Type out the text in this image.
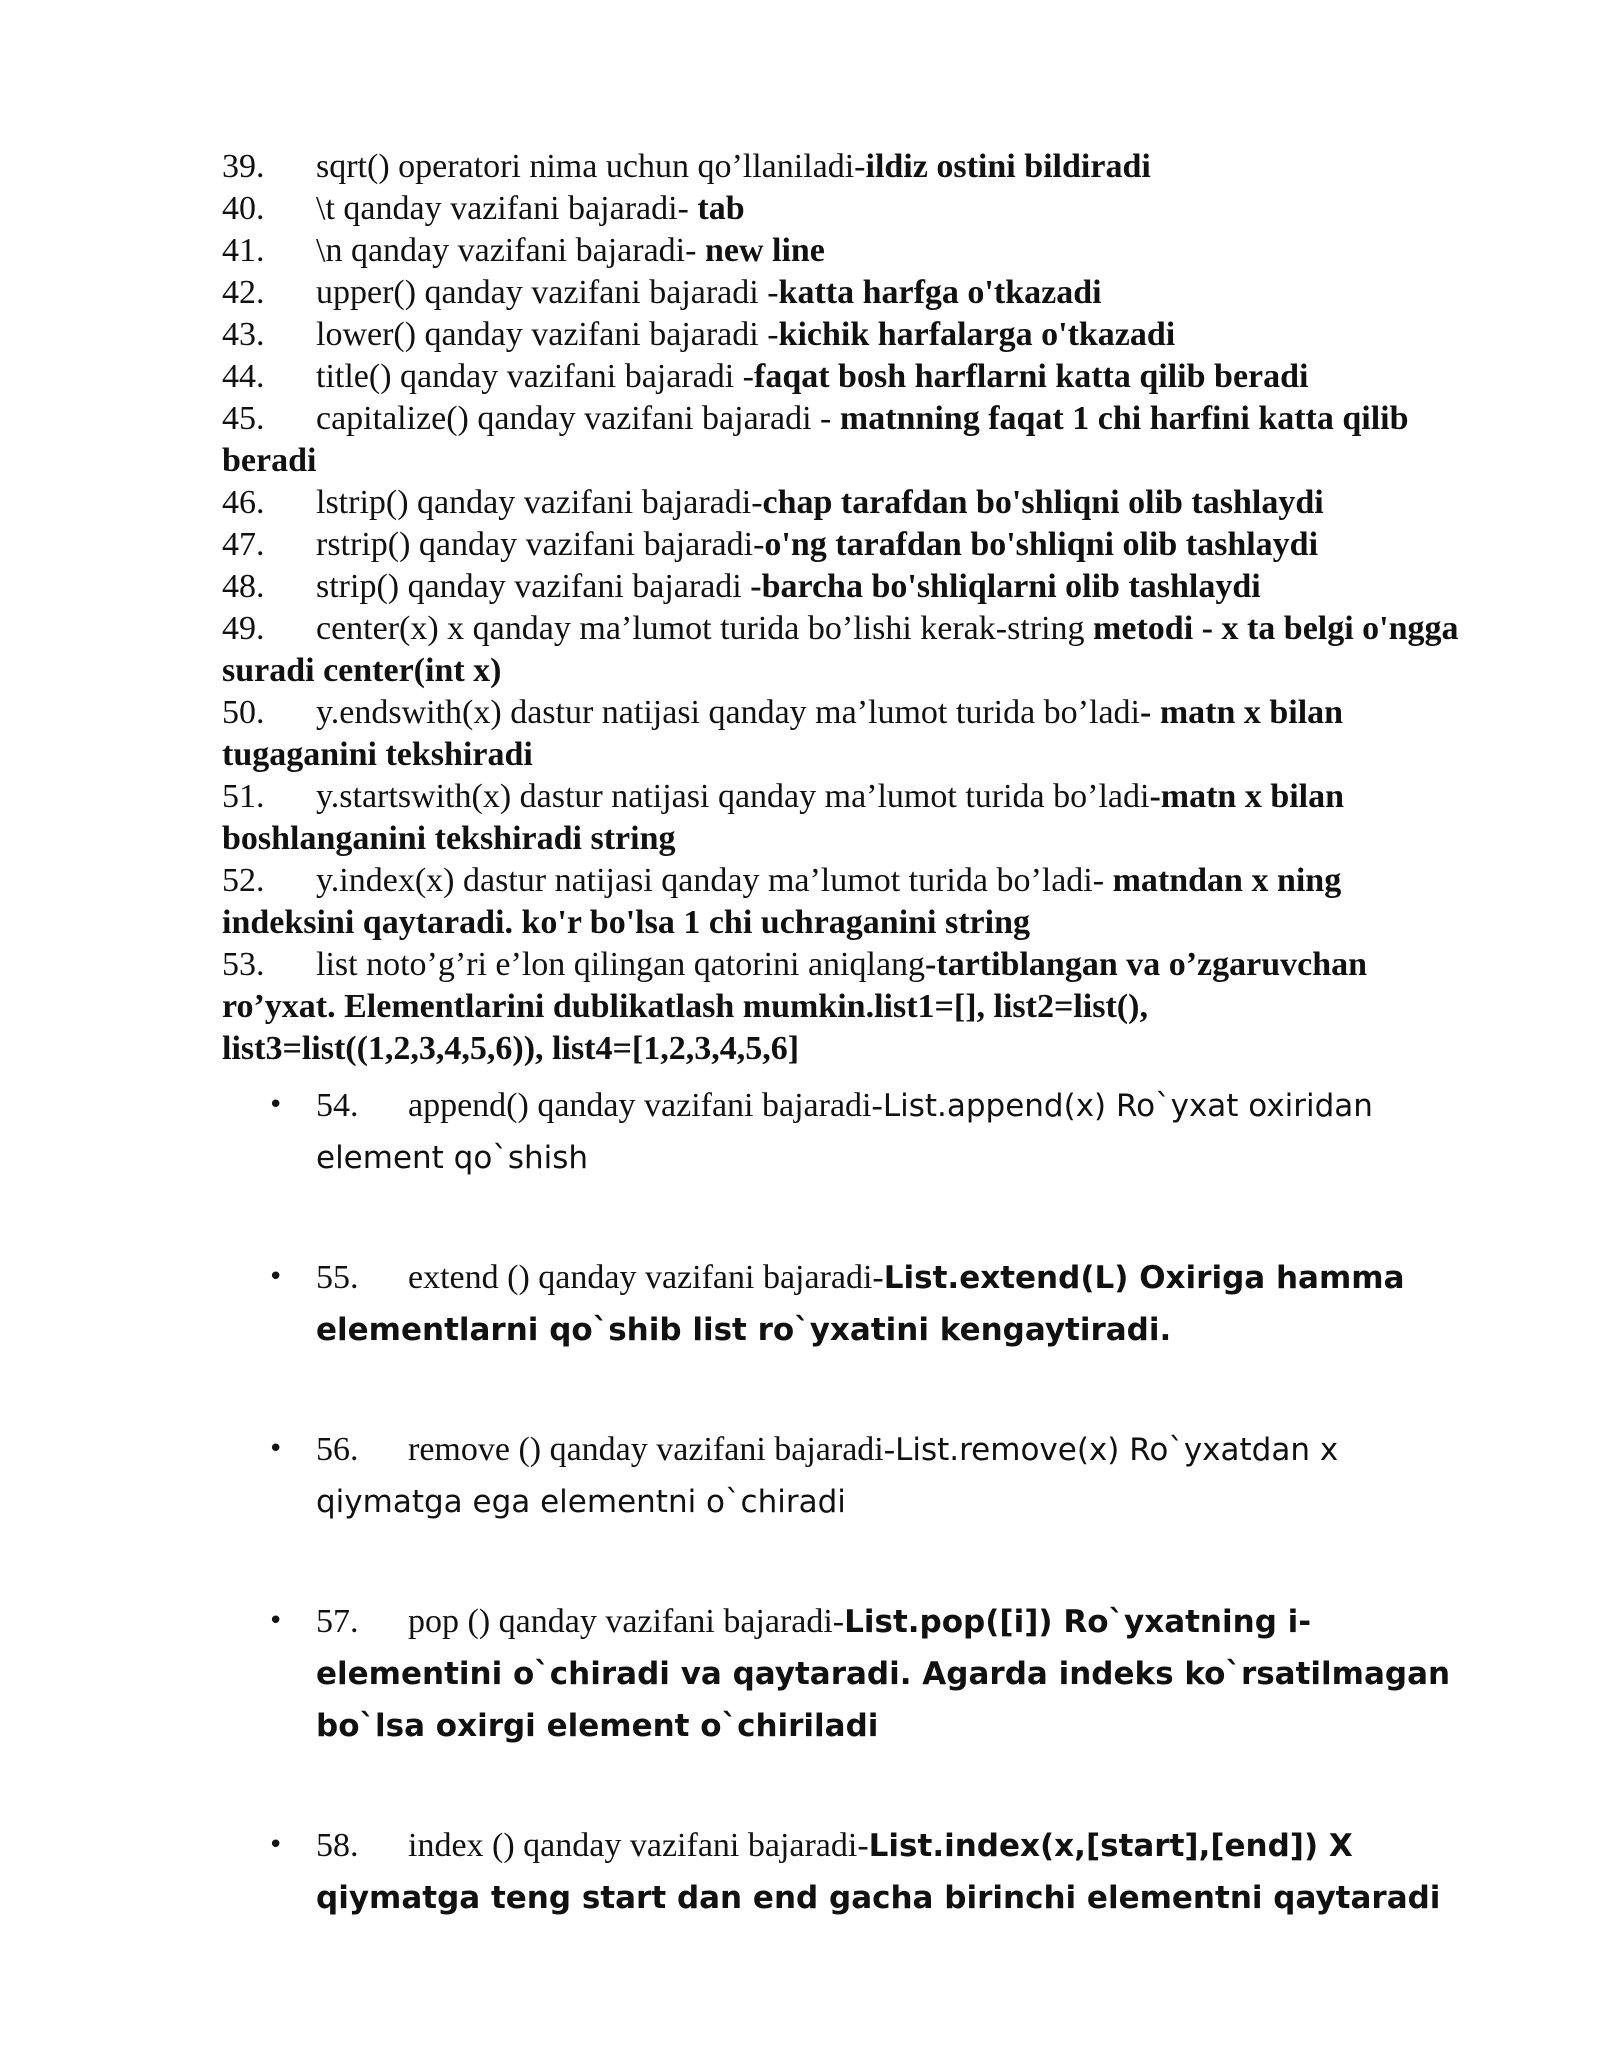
39. sqrt() operatori nima uchun qo’llaniladi-ildiz ostini bildiradi

40. \t qanday vazifani bajaradi- tab

41. \n qanday vazifani bajaradi- new line

42. upper() qanday vazifani bajaradi -katta harfga o'tkazadi

43. lower() qanday vazifani bajaradi -kichik harfalarga o'tkazadi

44. title() qanday vazifani bajaradi -faqat bosh harflarni katta qilib beradi

45. capitalize() qanday vazifani bajaradi - matnning faqat 1 chi harfini katta qilib beradi

46. lstrip() qanday vazifani bajaradi-chap tarafdan bo'shliqni olib tashlaydi

47. rstrip() qanday vazifani bajaradi-o'ng tarafdan bo'shliqni olib tashlaydi

48. strip() qanday vazifani bajaradi -barcha bo'shliqlarni olib tashlaydi

49. center(x) x qanday ma’lumot turida bo’lishi kerak-string metodi - x ta belgi o'ngga suradi center(int x)

50. y.endswith(x) dastur natijasi qanday ma’lumot turida bo’ladi- matn x bilan tugaganini tekshiradi

51. y.startswith(x) dastur natijasi qanday ma’lumot turida bo’ladi-matn x bilan boshlanganini tekshiradi string

52. y.index(x) dastur natijasi qanday ma’lumot turida bo’ladi- matndan x ning indeksini qaytaradi. ko'r bo'lsa 1 chi uchraganini string

53. list noto’g’ri e’lon qilingan qatorini aniqlang-tartiblangan va o’zgaruvchan ro’yxat. Elementlarini dublikatlash mumkin.list1=[], list2=list(), list3=list((1,2,3,4,5,6)), list4=[1,2,3,4,5,6]

• 54. append() qanday vazifani bajaradi-List.append(x) Ro`yxat oxiridan element qo`shish

• 55. extend () qanday vazifani bajaradi-List.extend(L) Oxiriga hamma elementlarni qo`shib list ro`yxatini kengaytiradi.

• 56. remove () qanday vazifani bajaradi-List.remove(x) Ro`yxatdan x qiymatga ega elementni o`chiradi

• 57. pop () qanday vazifani bajaradi-List.pop([i]) Ro`yxatning i-elementini o`chiradi va qaytaradi. Agarda indeks ko`rsatilmagan bo`lsa oxirgi element o`chiriladi

• 58. index () qanday vazifani bajaradi-List.index(x,[start],[end]) X qiymatga teng start dan end gacha birinchi elementni qaytaradi
